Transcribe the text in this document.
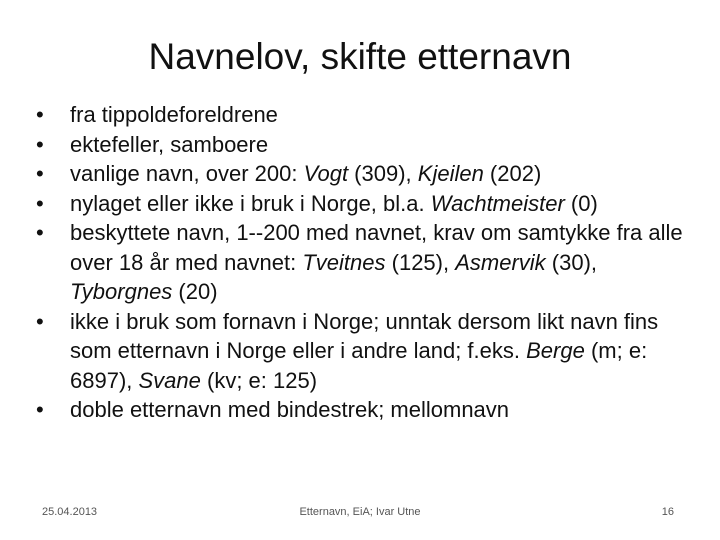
Navnelov, skifte etternavn
•	fra tippoldeforeldrene
•	ektefeller, samboere
•	vanlige navn, over 200: Vogt (309), Kjeilen (202)
•	nylaget eller ikke i bruk i Norge, bl.a. Wachtmeister (0)
•	beskyttete navn, 1--200 med navnet, krav om samtykke fra alle over 18 år med navnet: Tveitnes (125), Asmervik (30), Tyborgnes (20)
•	ikke i bruk som fornavn i Norge; unntak dersom likt navn fins som etternavn i Norge eller i andre land; f.eks. Berge (m; e: 6897), Svane (kv; e: 125)
•	doble etternavn med bindestrek; mellomnavn
25.04.2013	Etternavn, EiA; Ivar Utne	16
